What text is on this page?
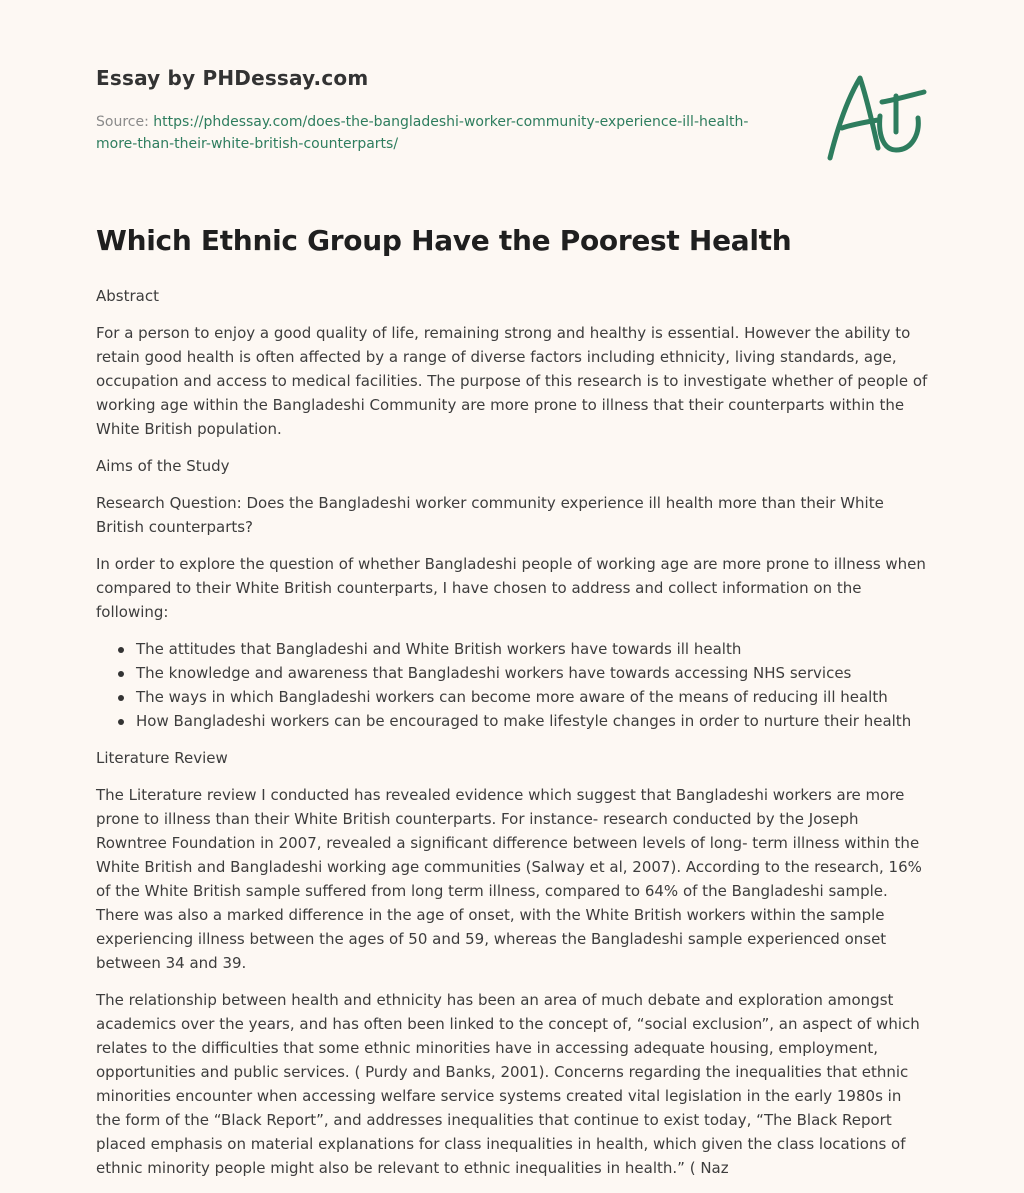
Essay by PHDessay.com
Source: https://phdessay.com/does-the-bangladeshi-worker-community-experience-ill-health-more-than-their-white-british-counterparts/
Which Ethnic Group Have the Poorest Health

Abstract

For a person to enjoy a good quality of life, remaining strong and healthy is essential. However the ability to retain good health is often affected by a range of diverse factors including ethnicity, living standards, age, occupation and access to medical facilities. The purpose of this research is to investigate whether of people of working age within the Bangladeshi Community are more prone to illness that their counterparts within the White British population.

Aims of the Study

Research Question: Does the Bangladeshi worker community experience ill health more than their White British counterparts?

In order to explore the question of whether Bangladeshi people of working age are more prone to illness when compared to their White British counterparts, I have chosen to address and collect information on the following:

The attitudes that Bangladeshi and White British workers have towards ill health
The knowledge and awareness that Bangladeshi workers have towards accessing NHS services
The ways in which Bangladeshi workers can become more aware of the means of reducing ill health
How Bangladeshi workers can be encouraged to make lifestyle changes in order to nurture their health

Literature Review

The Literature review I conducted has revealed evidence which suggest that Bangladeshi workers are more prone to illness than their White British counterparts. For instance- research conducted by the Joseph Rowntree Foundation in 2007, revealed a significant difference between levels of long- term illness within the White British and Bangladeshi working age communities (Salway et al, 2007). According to the research, 16% of the White British sample suffered from long term illness, compared to 64% of the Bangladeshi sample. There was also a marked difference in the age of onset, with the White British workers within the sample experiencing illness between the ages of 50 and 59, whereas the Bangladeshi sample experienced onset between 34 and 39.

The relationship between health and ethnicity has been an area of much debate and exploration amongst academics over the years, and has often been linked to the concept of, “social exclusion”, an aspect of which relates to the difficulties that some ethnic minorities have in accessing adequate housing, employment, opportunities and public services. ( Purdy and Banks, 2001). Concerns regarding the inequalities that ethnic minorities encounter when accessing welfare service systems created vital legislation in the early 1980s in the form of the “Black Report”, and addresses inequalities that continue to exist today, “The Black Report placed emphasis on material explanations for class inequalities in health, which given the class locations of ethnic minority people might also be relevant to ethnic inequalities in health.” ( Naz
